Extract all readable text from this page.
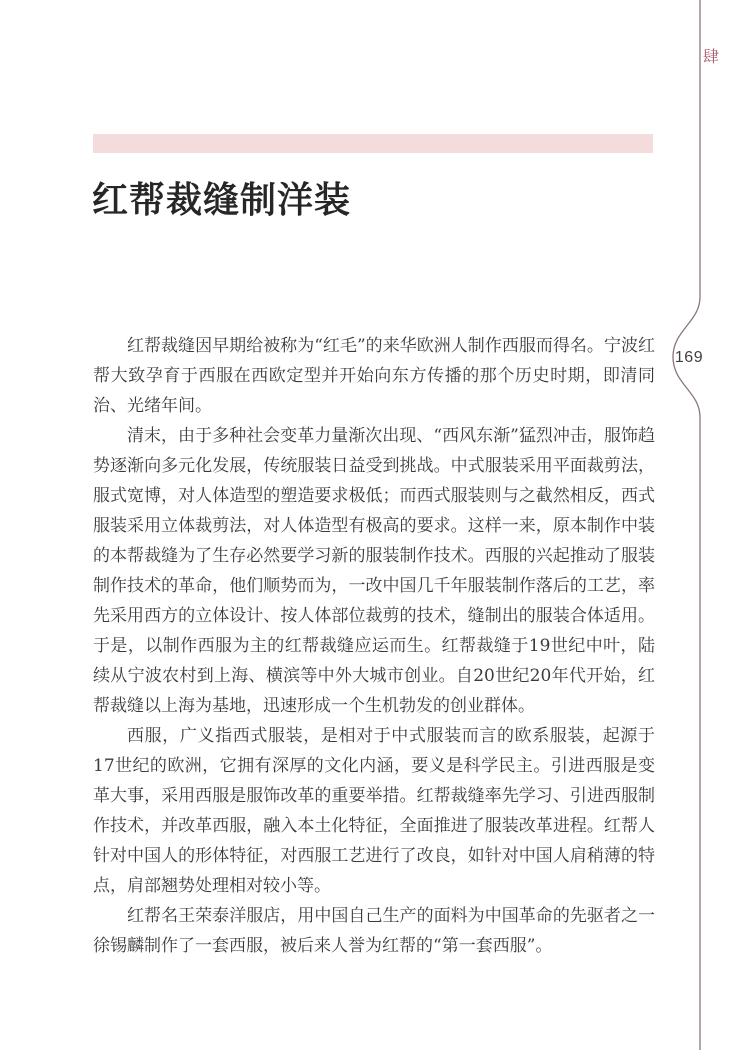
肆
169
红帮裁缝制洋装

红帮裁缝因早期给被称为“红毛”的来华欧洲人制作西服而得名。宁波红帮大致孕育于西服在西欧定型并开始向东方传播的那个历史时期，即清同治、光绪年间。

清末，由于多种社会变革力量渐次出现、“西风东渐”猛烈冲击，服饰趋势逐渐向多元化发展，传统服装日益受到挑战。中式服装采用平面裁剪法，服式宽博，对人体造型的塑造要求极低；而西式服装则与之截然相反，西式服装采用立体裁剪法，对人体造型有极高的要求。这样一来，原本制作中装的本帮裁缝为了生存必然要学习新的服装制作技术。西服的兴起推动了服装制作技术的革命，他们顺势而为，一改中国几千年服装制作落后的工艺，率先采用西方的立体设计、按人体部位裁剪的技术，缝制出的服装合体适用。于是，以制作西服为主的红帮裁缝应运而生。红帮裁缝于19世纪中叶，陆续从宁波农村到上海、横滨等中外大城市创业。自20世纪20年代开始，红帮裁缝以上海为基地，迅速形成一个生机勃发的创业群体。

西服，广义指西式服装，是相对于中式服装而言的欧系服装，起源于17世纪的欧洲，它拥有深厚的文化内涵，要义是科学民主。引进西服是变革大事，采用西服是服饰改革的重要举措。红帮裁缝率先学习、引进西服制作技术，并改革西服，融入本土化特征，全面推进了服装改革进程。红帮人针对中国人的形体特征，对西服工艺进行了改良，如针对中国人肩稍薄的特点，肩部翘势处理相对较小等。

红帮名王荣泰洋服店，用中国自己生产的面料为中国革命的先驱者之一徐锡麟制作了一套西服，被后来人誉为红帮的“第一套西服”。
